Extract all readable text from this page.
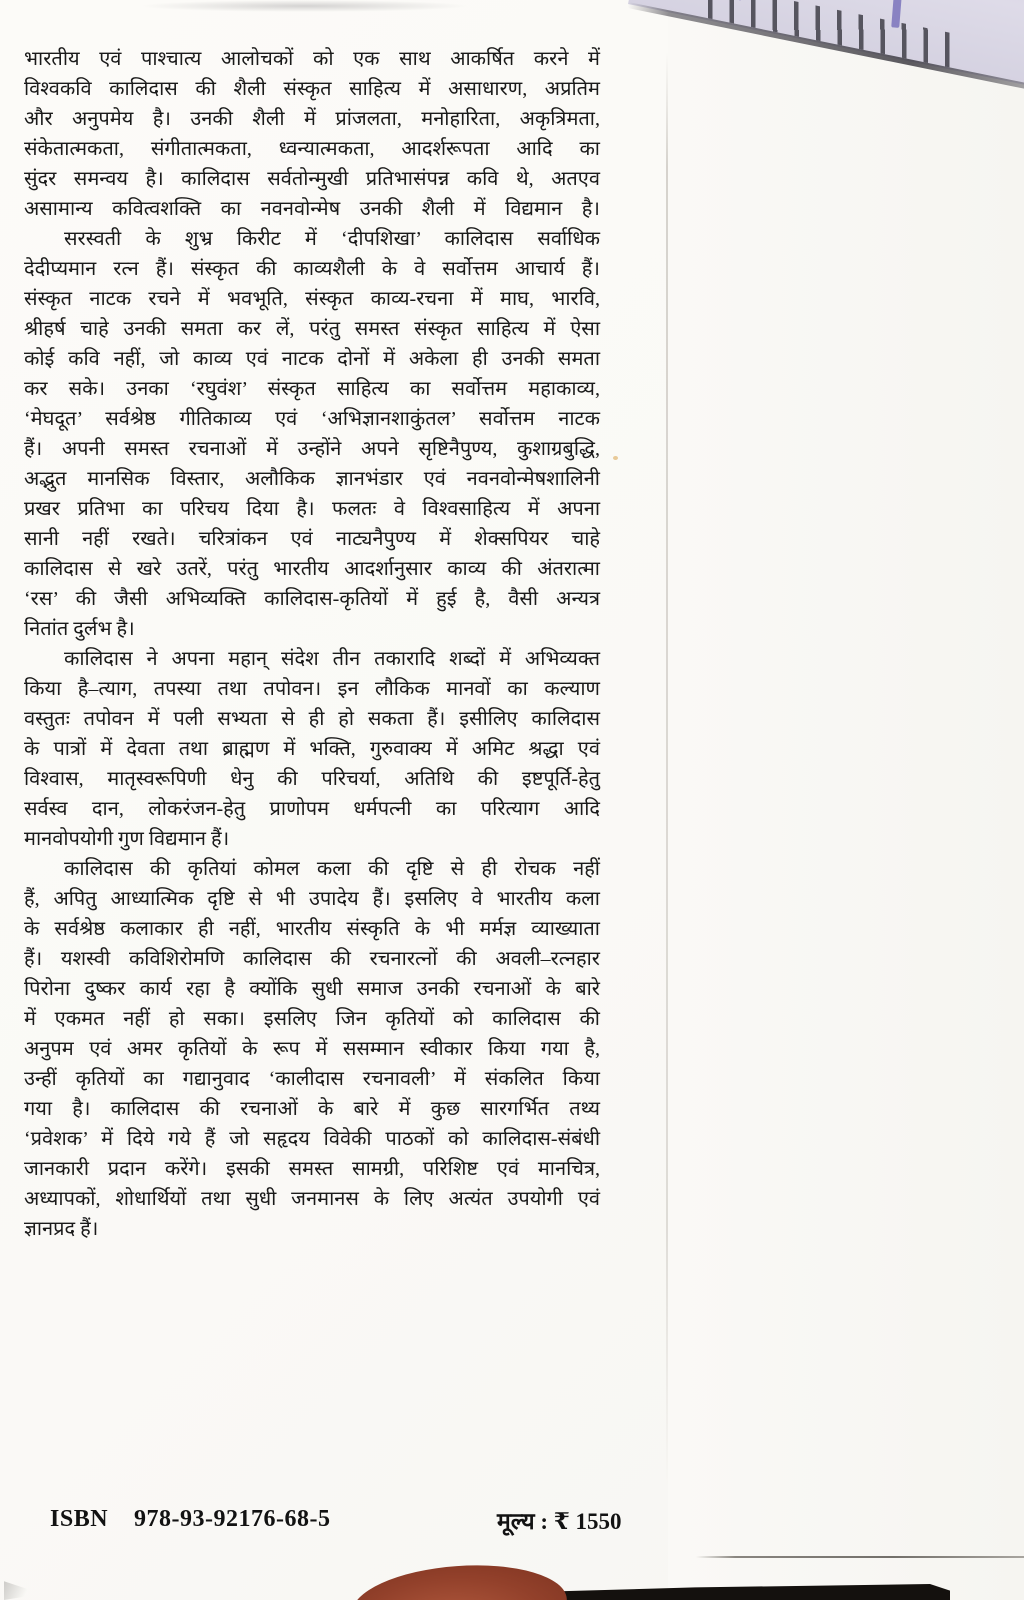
भारतीय एवं पाश्चात्य आलोचकों को एक साथ आकर्षित करने में
विश्वकवि कालिदास की शैली संस्कृत साहित्य में असाधारण, अप्रतिम
और अनुपमेय है। उनकी शैली में प्रांजलता, मनोहारिता, अकृत्रिमता,
संकेतात्मकता, संगीतात्मकता, ध्वन्यात्मकता, आदर्शरूपता आदि का
सुंदर समन्वय है। कालिदास सर्वतोन्मुखी प्रतिभासंपन्न कवि थे, अतएव
असामान्य कवित्वशक्ति का नवनवोन्मेष उनकी शैली में विद्यमान है।
सरस्वती के शुभ्र किरीट में ‘दीपशिखा’ कालिदास सर्वाधिक
देदीप्यमान रत्न हैं। संस्कृत की काव्यशैली के वे सर्वोत्तम आचार्य हैं।
संस्कृत नाटक रचने में भवभूति, संस्कृत काव्य-रचना में माघ, भारवि,
श्रीहर्ष चाहे उनकी समता कर लें, परंतु समस्त संस्कृत साहित्य में ऐसा
कोई कवि नहीं, जो काव्य एवं नाटक दोनों में अकेला ही उनकी समता
कर सके। उनका ‘रघुवंश’ संस्कृत साहित्य का सर्वोत्तम महाकाव्य,
‘मेघदूत’ सर्वश्रेष्ठ गीतिकाव्य एवं ‘अभिज्ञानशाकुंतल’ सर्वोत्तम नाटक
हैं। अपनी समस्त रचनाओं में उन्होंने अपने सृष्टिनैपुण्य, कुशाग्रबुद्धि,
अद्भुत मानसिक विस्तार, अलौकिक ज्ञानभंडार एवं नवनवोन्मेषशालिनी
प्रखर प्रतिभा का परिचय दिया है। फलतः वे विश्वसाहित्य में अपना
सानी नहीं रखते। चरित्रांकन एवं नाट्यनैपुण्य में शेक्सपियर चाहे
कालिदास से खरे उतरें, परंतु भारतीय आदर्शानुसार काव्य की अंतरात्मा
‘रस’ की जैसी अभिव्यक्ति कालिदास-कृतियों में हुई है, वैसी अन्यत्र
नितांत दुर्लभ है।
कालिदास ने अपना महान् संदेश तीन तकारादि शब्दों में अभिव्यक्त
किया है–त्याग, तपस्या तथा तपोवन। इन लौकिक मानवों का कल्याण
वस्तुतः तपोवन में पली सभ्यता से ही हो सकता हैं। इसीलिए कालिदास
के पात्रों में देवता तथा ब्राह्मण में भक्ति, गुरुवाक्य में अमिट श्रद्धा एवं
विश्वास, मातृस्वरूपिणी धेनु की परिचर्या, अतिथि की इष्टपूर्ति-हेतु
सर्वस्व दान, लोकरंजन-हेतु प्राणोपम धर्मपत्नी का परित्याग आदि
मानवोपयोगी गुण विद्यमान हैं।
कालिदास की कृतियां कोमल कला की दृष्टि से ही रोचक नहीं
हैं, अपितु आध्यात्मिक दृष्टि से भी उपादेय हैं। इसलिए वे भारतीय कला
के सर्वश्रेष्ठ कलाकार ही नहीं, भारतीय संस्कृति के भी मर्मज्ञ व्याख्याता
हैं। यशस्वी कविशिरोमणि कालिदास की रचनारत्नों की अवली–रत्नहार
पिरोना दुष्कर कार्य रहा है क्योंकि सुधी समाज उनकी रचनाओं के बारे
में एकमत नहीं हो सका। इसलिए जिन कृतियों को कालिदास की
अनुपम एवं अमर कृतियों के रूप में ससम्मान स्वीकार किया गया है,
उन्हीं कृतियों का गद्यानुवाद ‘कालीदास रचनावली’ में संकलित किया
गया है। कालिदास की रचनाओं के बारे में कुछ सारगर्भित तथ्य
‘प्रवेशक’ में दिये गये हैं जो सहृदय विवेकी पाठकों को कालिदास-संबंधी
जानकारी प्रदान करेंगे। इसकी समस्त सामग्री, परिशिष्ट एवं मानचित्र,
अध्यापकों, शोधार्थियों तथा सुधी जनमानस के लिए अत्यंत उपयोगी एवं
ज्ञानप्रद हैं।
ISBN 978-93-92176-68-5	मूल्य : ₹ 1550
